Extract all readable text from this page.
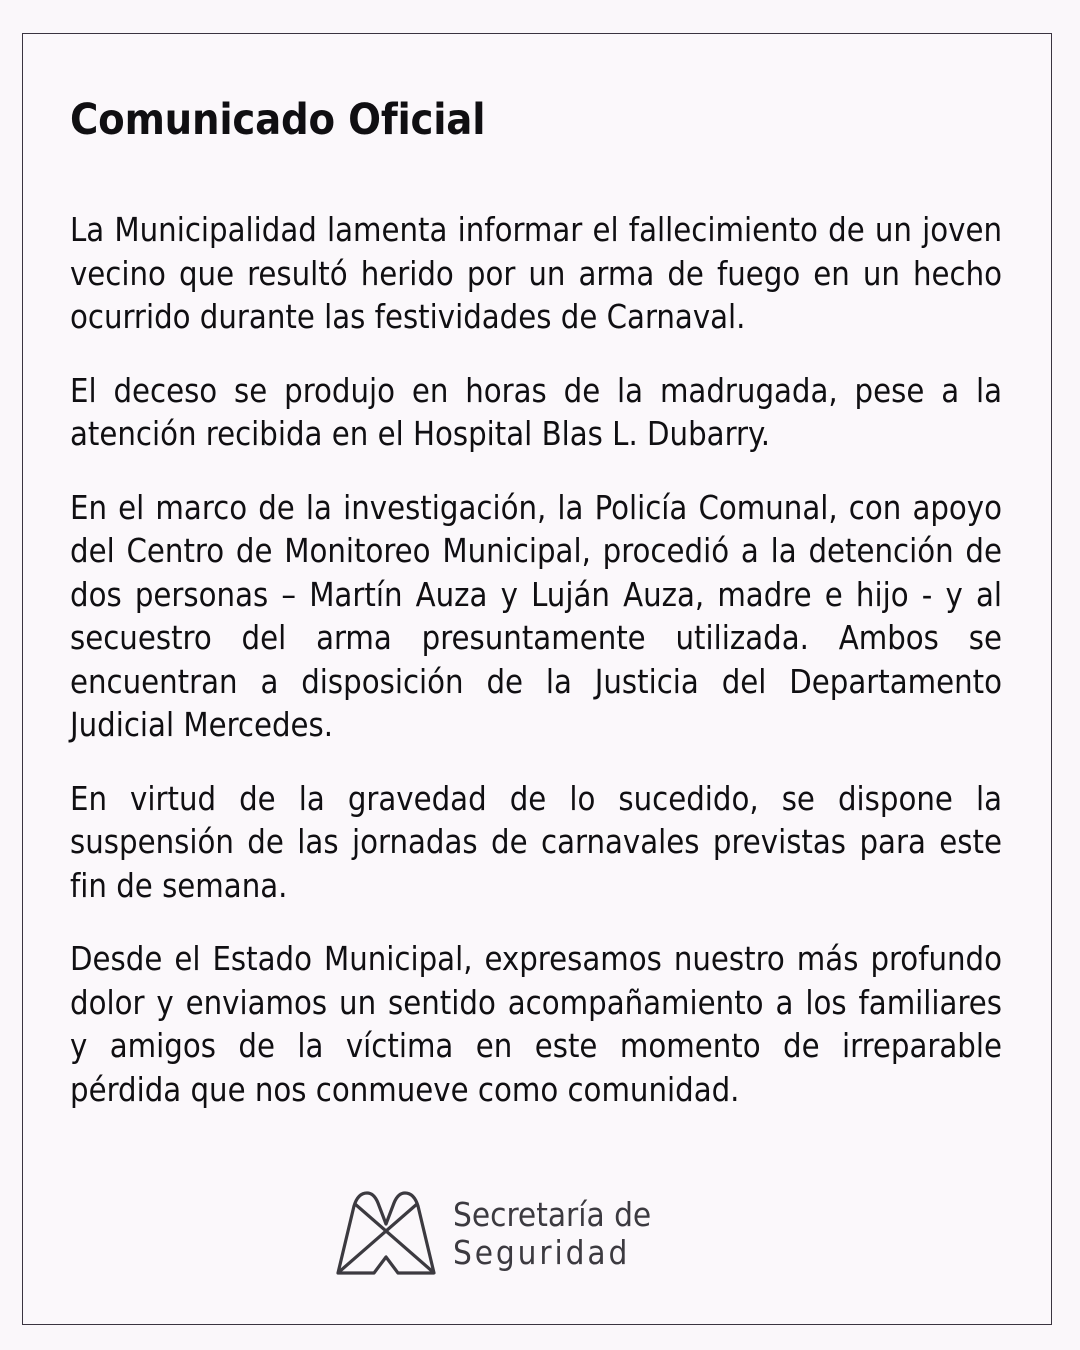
Comunicado Oficial

La Municipalidad lamenta informar el fallecimiento de un joven vecino que resultó herido por un arma de fuego en un hecho ocurrido durante las festividades de Carnaval.

El deceso se produjo en horas de la madrugada, pese a la atención recibida en el Hospital Blas L. Dubarry.

En el marco de la investigación, la Policía Comunal, con apoyo del Centro de Monitoreo Municipal, procedió a la detención de dos personas – Martín Auza y Luján Auza, madre e hijo - y al secuestro del arma presuntamente utilizada. Ambos se encuentran a disposición de la Justicia del Departamento Judicial Mercedes.

En virtud de la gravedad de lo sucedido, se dispone la suspensión de las jornadas de carnavales previstas para este fin de semana.

Desde el Estado Municipal, expresamos nuestro más profundo dolor y enviamos un sentido acompañamiento a los familiares y amigos de la víctima en este momento de irreparable pérdida que nos conmueve como comunidad.

Secretaría de
Seguridad
